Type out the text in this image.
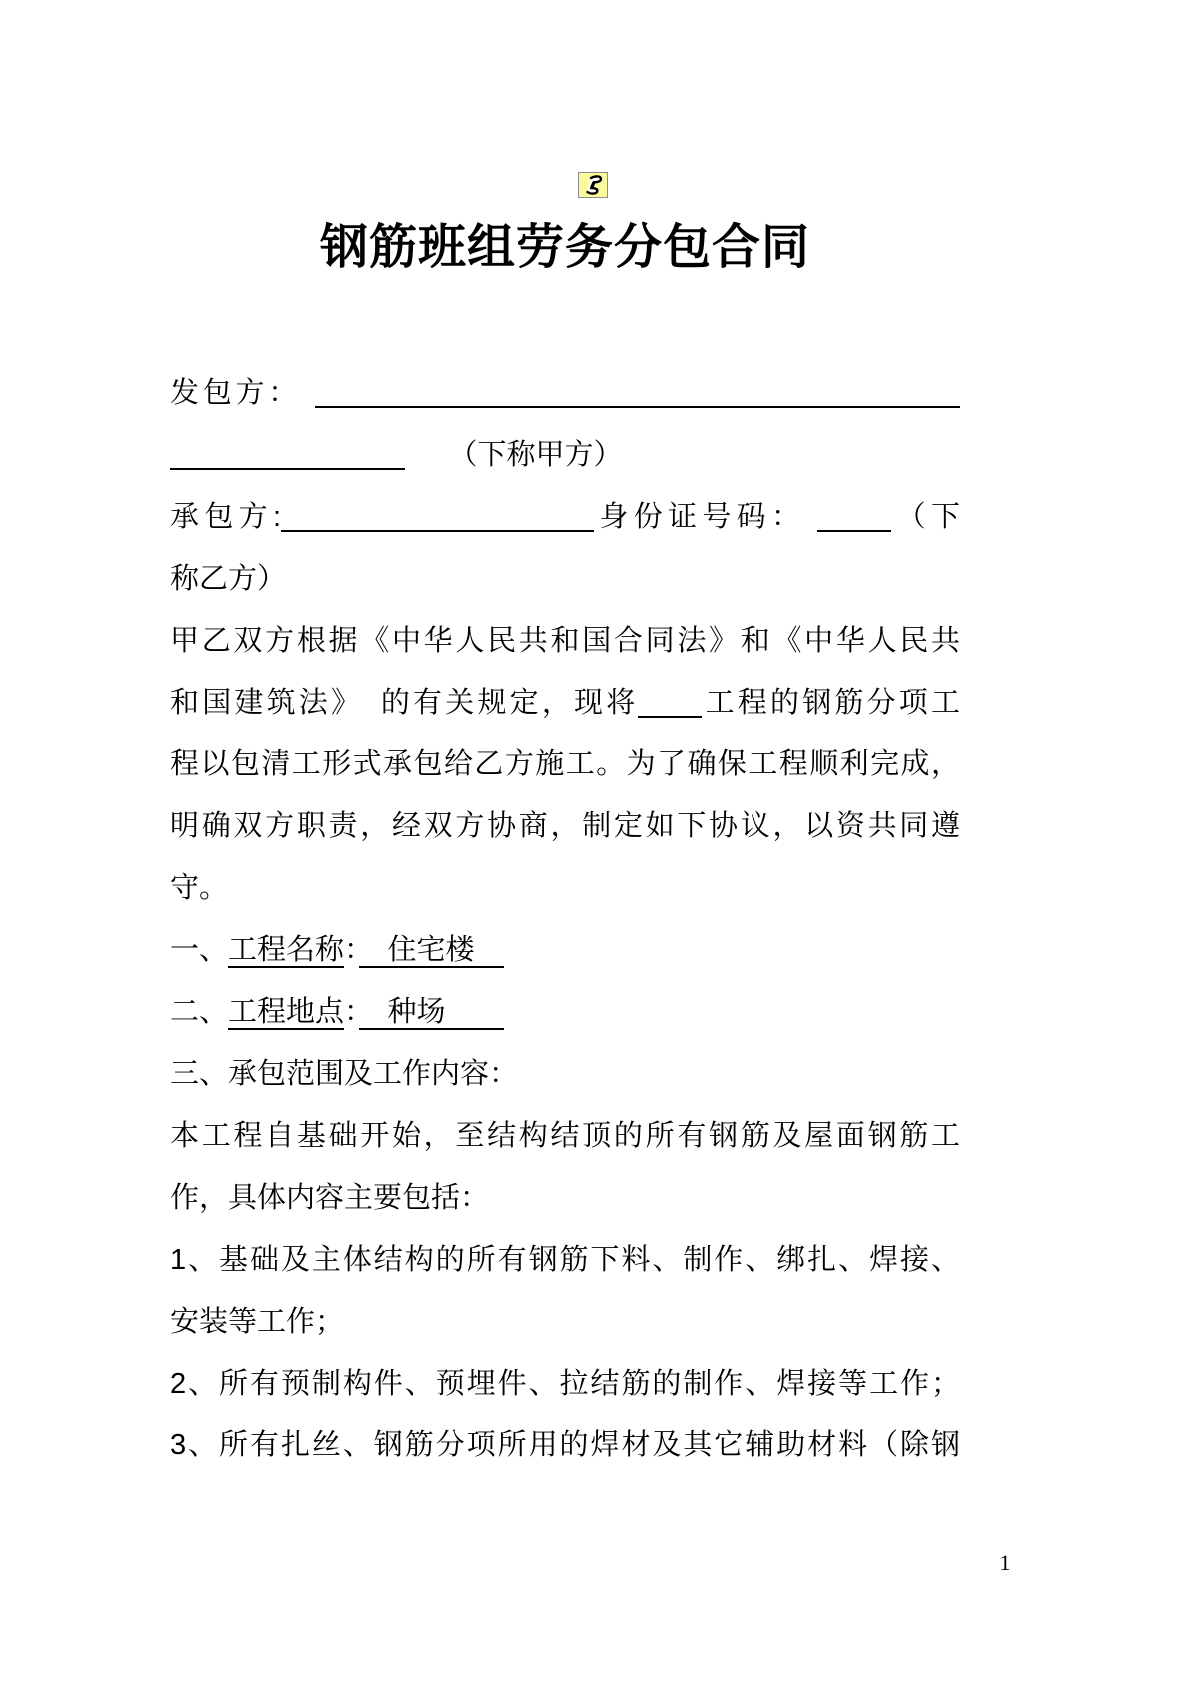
钢筋班组劳务分包合同
发包方：
　　（下称甲方）
承包方:	身份证号码：	（下
称乙方）
甲乙双方根据《中华人民共和国合同法》和《中华人民共
和国建筑法》　的有关规定，现将 工程的钢筋分项工
程以包清工形式承包给乙方施工。为了确保工程顺利完成，
明确双方职责，经双方协商，制定如下协议，以资共同遵
守。
一、工程名称：　住宅楼　
二、工程地点：　种场　　
三、承包范围及工作内容：
本工程自基础开始，至结构结顶的所有钢筋及屋面钢筋工
作，具体内容主要包括：
1、基础及主体结构的所有钢筋下料、制作、绑扎、焊接、
安装等工作；
2、所有预制构件、预埋件、拉结筋的制作、焊接等工作；
3、所有扎丝、钢筋分项所用的焊材及其它辅助材料（除钢
1
